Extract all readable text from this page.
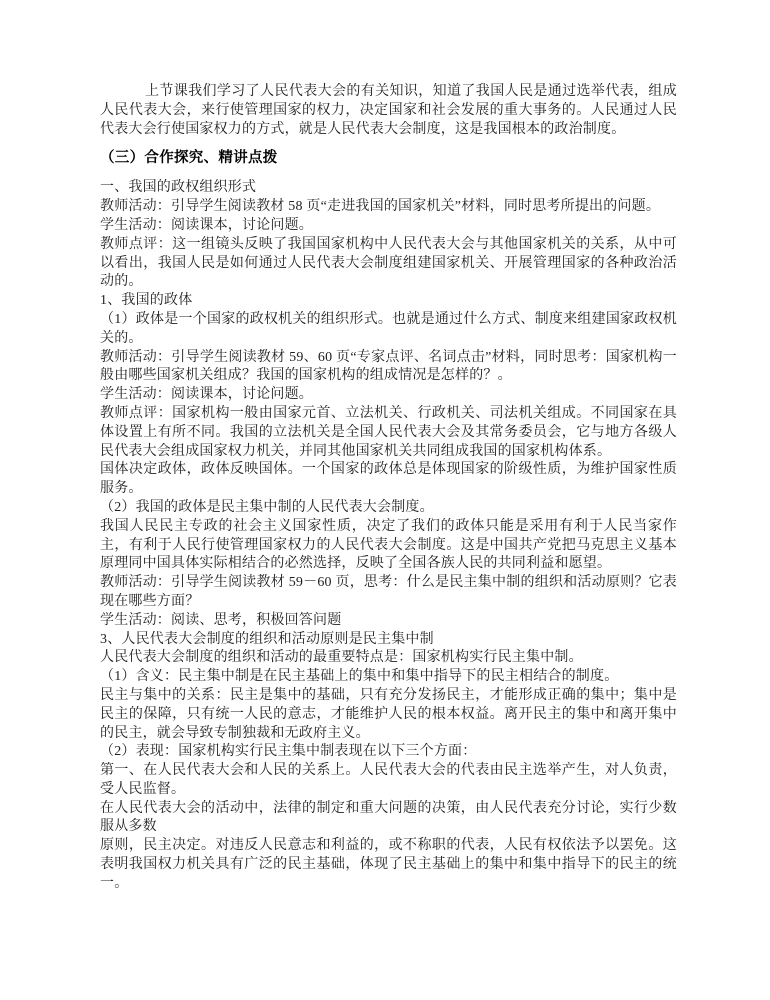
上节课我们学习了人民代表大会的有关知识，知道了我国人民是通过选举代表，组成人民代表大会，来行使管理国家的权力，决定国家和社会发展的重大事务的。人民通过人民代表大会行使国家权力的方式，就是人民代表大会制度，这是我国根本的政治制度。

（三）合作探究、精讲点拨

一、我国的政权组织形式

教师活动：引导学生阅读教材 58 页“走进我国的国家机关”材料，同时思考所提出的问题。

学生活动：阅读课本，讨论问题。

教师点评：这一组镜头反映了我国国家机构中人民代表大会与其他国家机关的关系，从中可以看出，我国人民是如何通过人民代表大会制度组建国家机关、开展管理国家的各种政治活动的。

1、我国的政体

（1）政体是一个国家的政权机关的组织形式。也就是通过什么方式、制度来组建国家政权机关的。

教师活动：引导学生阅读教材 59、60 页“专家点评、名词点击”材料，同时思考：国家机构一般由哪些国家机关组成？我国的国家机构的组成情况是怎样的？。

学生活动：阅读课本，讨论问题。

教师点评：国家机构一般由国家元首、立法机关、行政机关、司法机关组成。不同国家在具体设置上有所不同。我国的立法机关是全国人民代表大会及其常务委员会，它与地方各级人民代表大会组成国家权力机关，并同其他国家机关共同组成我国的国家机构体系。

国体决定政体，政体反映国体。一个国家的政体总是体现国家的阶级性质，为维护国家性质服务。

（2）我国的政体是民主集中制的人民代表大会制度。

我国人民民主专政的社会主义国家性质，决定了我们的政体只能是采用有利于人民当家作主，有利于人民行使管理国家权力的人民代表大会制度。这是中国共产党把马克思主义基本原理同中国具体实际相结合的必然选择，反映了全国各族人民的共同利益和愿望。

教师活动：引导学生阅读教材 59－60 页，思考：什么是民主集中制的组织和活动原则？它表现在哪些方面？

学生活动：阅读、思考，积极回答问题

3、人民代表大会制度的组织和活动原则是民主集中制

人民代表大会制度的组织和活动的最重要特点是：国家机构实行民主集中制。

（1）含义：民主集中制是在民主基础上的集中和集中指导下的民主相结合的制度。

民主与集中的关系：民主是集中的基础，只有充分发扬民主，才能形成正确的集中；集中是民主的保障，只有统一人民的意志，才能维护人民的根本权益。离开民主的集中和离开集中的民主，就会导致专制独裁和无政府主义。

（2）表现：国家机构实行民主集中制表现在以下三个方面：

第一、在人民代表大会和人民的关系上。人民代表大会的代表由民主选举产生，对人负责，受人民监督。

在人民代表大会的活动中，法律的制定和重大问题的决策，由人民代表充分讨论，实行少数服从多数

原则，民主决定。对违反人民意志和利益的，或不称职的代表，人民有权依法予以罢免。这表明我国权力机关具有广泛的民主基础，体现了民主基础上的集中和集中指导下的民主的统一。
